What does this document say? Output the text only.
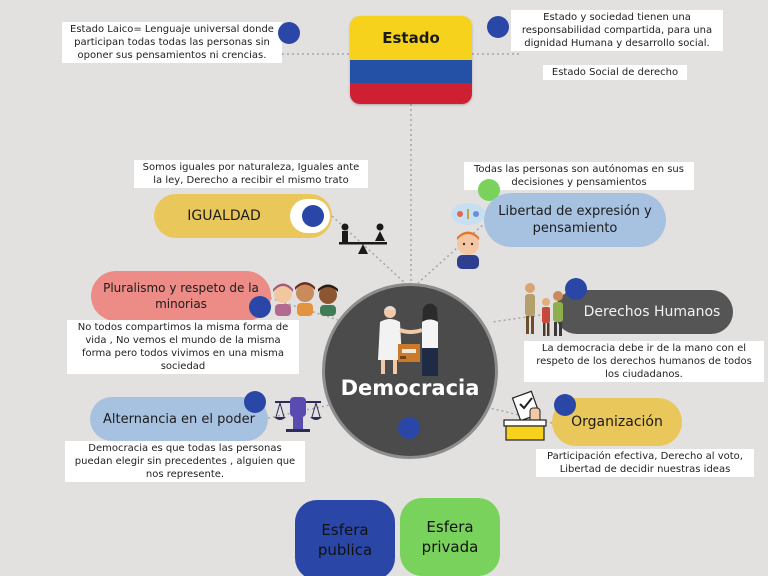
Estado Laico= Lenguaje universal donde participan todas todas las personas sin oponer sus pensamientos ni crencias.
Estado
Estado y sociedad tienen una responsabilidad compartida, para una dignidad Humana y desarrollo social.
Estado Social de derecho
Somos iguales por naturaleza, Iguales ante la ley, Derecho a recibir el mismo trato
IGUALDAD
Todas las personas son autónomas en sus decisiones y pensamientos
Libertad de expresión y pensamiento
Pluralismo y respeto de la minorias
No todos compartimos la misma forma de vida , No vemos el mundo de la misma forma pero todos vivimos en una misma sociedad
Derechos Humanos
La democracia debe ir de la mano con el respeto de los derechos humanos de todos los ciudadanos.
Democracia
Alternancia en el poder
Democracia es que todas las personas puedan elegir sin precedentes , alguien que nos represente.
Organización
Participación efectiva, Derecho al voto, Libertad de decidir nuestras ideas
Esfera publica
Esfera privada
